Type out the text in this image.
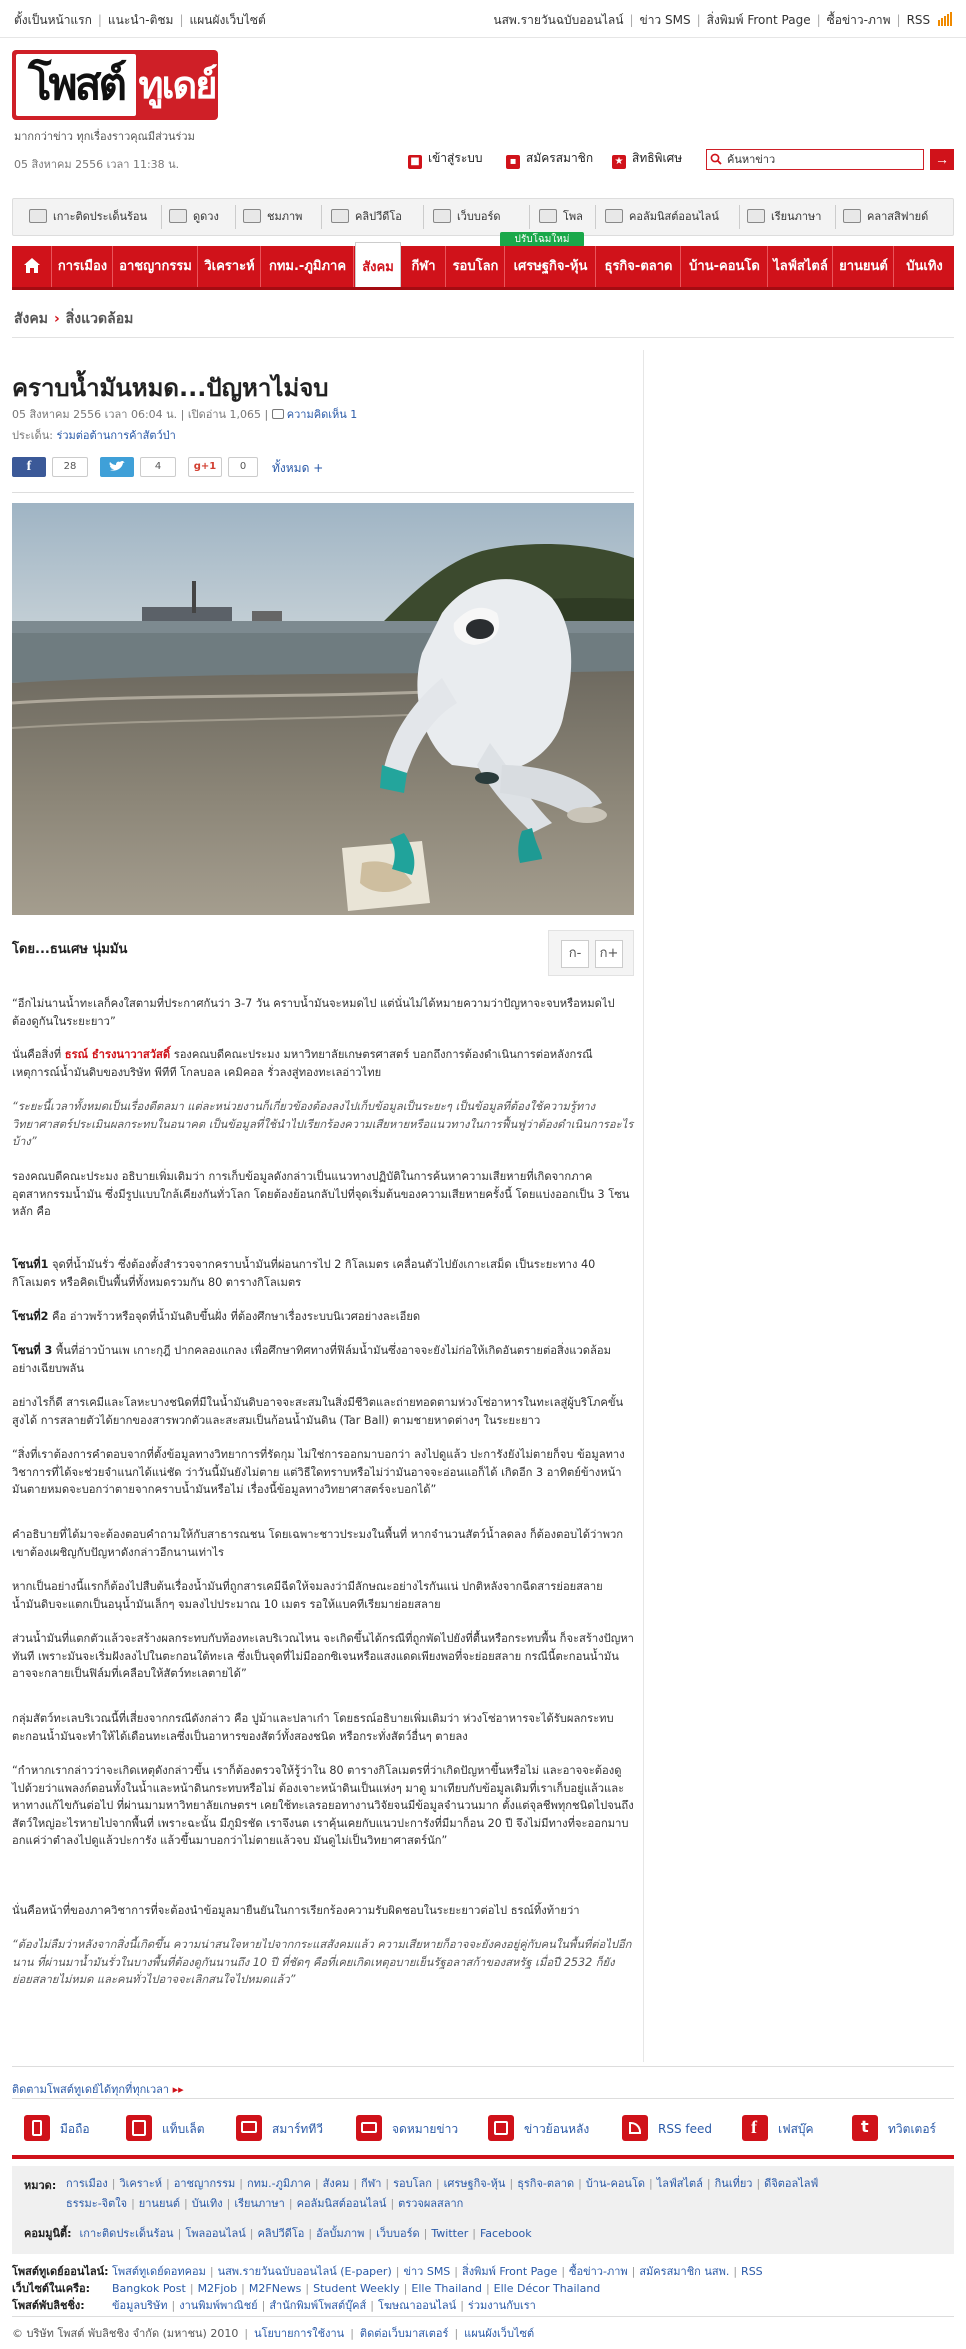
ตั้งเป็นหน้าแรก | แนะนำ-ติชม | แผนผังเว็บไซต์	นสพ.รายวันฉบับออนไลน์ | ข่าว SMS | สิ่งพิมพ์ Front Page | ซื้อข่าว-ภาพ | RSS
โพสต์ ทูเดย์
มากกว่าข่าว ทุกเรื่องราวคุณมีส่วนร่วม
05 สิงหาคม 2556 เวลา 11:38 น.	■ เข้าสู่ระบบ	▪ สมัครสมาชิก ★ สิทธิพิเศษ
ค้นหาข่าว	→
เกาะติดประเด็นร้อน	ดูดวง	ชมภาพ	คลิปวีดีโอ	เว็บบอร์ด	โพล	คอลัมนิสต์ออนไลน์	เรียนภาษา	คลาสสิฟายด์
ปรับโฉมใหม่
การเมือง อาชญากรรม วิเคราะห์	กทม.-ภูมิภาค	สังคม	กีฬา	รอบโลก	เศรษฐกิจ-หุ้น	ธุรกิจ-ตลาด	บ้าน-คอนโด	ไลฟ์สไตล์ ยานยนต์	บันเทิง
สังคม › สิ่งแวดล้อม
คราบน้ำมันหมด...ปัญหาไม่จบ
05 สิงหาคม 2556 เวลา 06:04 น. | เปิดอ่าน 1,065 | ความคิดเห็น 1
ประเด็น: ร่วมต่อต้านการค้าสัตว์ป่า
f	28	4	g+1	0	ทั้งหมด +
โดย...ธนเศษ นุ่มมัน	ก-	ก+

“อีกไม่นานน้ำทะเลก็คงใสตามที่ประกาศกันว่า 3-7 วัน คราบน้ำมันจะหมดไป แต่นั่นไม่ได้หมายความว่าปัญหาจะจบหรือหมดไป ต้องดูกันในระยะยาว”

นั่นคือสิ่งที่ ธรณ์ ธำรงนาวาสวัสดิ์ รองคณบดีคณะประมง มหาวิทยาลัยเกษตรศาสตร์ บอกถึงการต้องดำเนินการต่อหลังกรณีเหตุการณ์น้ำมันดิบของบริษัท พีทีที โกลบอล เคมิคอล รั่วลงสู่ทองทะเลอ่าวไทย

“ระยะนี้เวลาทั้งหมดเป็นเรื่องดีตลมา แต่ละหน่วยงานก็เกี่ยวข้องต้องลงไปเก็บข้อมูลเป็นระยะๆ เป็นข้อมูลที่ต้องใช้ความรู้ทางวิทยาศาสตร์ประเมินผลกระทบในอนาคต เป็นข้อมูลที่ใช้นำไปเรียกร้องความเสียหายหรือแนวทางในการฟื้นฟูว่าต้องดำเนินการอะไรบ้าง”

รองคณบดีคณะประมง อธิบายเพิ่มเติมว่า การเก็บข้อมูลดังกล่าวเป็นแนวทางปฏิบัติในการค้นหาความเสียหายที่เกิดจากภาคอุตสาหกรรมน้ำมัน ซึ่งมีรูปแบบใกล้เคียงกันทั่วโลก โดยต้องย้อนกลับไปที่จุดเริ่มต้นของความเสียหายครั้งนี้ โดยแบ่งออกเป็น 3 โซนหลัก คือ

โซนที่1 จุดที่น้ำมันรั่ว ซึ่งต้องตั้งสำรวจจากคราบน้ำมันที่ผ่อนการไป 2 กิโลเมตร เคลื่อนตัวไปยังเกาะเสม็ด เป็นระยะทาง 40 กิโลเมตร หรือคิดเป็นพื้นที่ทั้งหมดรวมกัน 80 ตารางกิโลเมตร

โซนที่2 คือ อ่าวพร้าวหรือจุดที่น้ำมันดิบขึ้นฝั่ง ที่ต้องศึกษาเรื่องระบบนิเวศอย่างละเอียด

โซนที่ 3 พื้นที่อ่าวบ้านเพ เกาะกุฎี ปากคลองแกลง เพื่อศึกษาทิศทางที่ฟิล์มน้ำมันซึ่งอาจจะยังไม่ก่อให้เกิดอันตรายต่อสิ่งแวดล้อมอย่างเฉียบพลัน

อย่างไรก็ดี สารเคมีและโลหะบางชนิดที่มีในน้ำมันดิบอาจจะสะสมในสิ่งมีชีวิตและถ่ายทอดตามห่วงโซ่อาหารในทะเลสู่ผู้บริโภคขั้นสูงได้ การสลายตัวได้ยากของสารพวกตัวและสะสมเป็นก้อนน้ำมันดิน (Tar Ball) ตามชายหาดต่างๆ ในระยะยาว

“สิ่งที่เราต้องการคำตอบจากที่ตั้งข้อมูลทางวิทยาการที่รัดกุม ไม่ใช่การออกมาบอกว่า ลงไปดูแล้ว ปะการังยังไม่ตายก็จบ ข้อมูลทางวิชาการที่ได้จะช่วยจำแนกได้แน่ชัด ว่าวันนี้มันยังไม่ตาย แต่วิธีใดทราบหรือไม่ว่ามันอาจจะอ่อนแอก็ได้ เกิดอีก 3 อาทิตย์ข้างหน้ามันตายหมดจะบอกว่าตายจากคราบน้ำมันหรือไม่ เรื่องนี้ข้อมูลทางวิทยาศาสตร์จะบอกได้”

คำอธิบายที่ได้มาจะต้องตอบคำถามให้กับสาธารณชน โดยเฉพาะชาวประมงในพื้นที่ หากจำนวนสัตว์น้ำลดลง ก็ต้องตอบได้ว่าพวกเขาต้องเผชิญกับปัญหาดังกล่าวอีกนานเท่าไร

หากเป็นอย่างนี้แรกก็ต้องไปสืบต้นเรื่องน้ำมันที่ถูกสารเคมีฉีดให้จมลงว่ามีลักษณะอย่างไรกันแน่ ปกติหลังจากฉีดสารย่อยสลาย น้ำมันดิบจะแตกเป็นอนุน้ำมันเล็กๆ จมลงไปประมาณ 10 เมตร รอให้แบคทีเรียมาย่อยสลาย

ส่วนน้ำมันที่แตกตัวแล้วจะสร้างผลกระทบกับท้องทะเลบริเวณไหน จะเกิดขึ้นได้กรณีที่ถูกพัดไปยังที่ตื้นหรือกระทบพื้น ก็จะสร้างปัญหาทันที เพราะมันจะเริ่มฝังลงไปในตะกอนใต้ทะเล ซึ่งเป็นจุดที่ไม่มีออกซิเจนหรือแสงแดดเพียงพอที่จะย่อยสลาย กรณีนี้ตะกอนน้ำมันอาจจะกลายเป็นฟิล์มที่เคลือบให้สัตว์ทะเลตายได้”

กลุ่มสัตว์ทะเลบริเวณนี้ที่เสี่ยงจากกรณีดังกล่าว คือ ปูม้าและปลาเก๋า โดยธรณ์อธิบายเพิ่มเติมว่า ห่วงโซ่อาหารจะได้รับผลกระทบ ตะกอนน้ำมันจะทำให้ได้เดือนทะเลซึ่งเป็นอาหารของสัตว์ทั้งสองชนิด หรือกระทั่งสัตว์อื่นๆ ตายลง

“กำหากเรากล่าวว่าจะเกิดเหตุดังกล่าวขึ้น เราก็ต้องตรวจให้รู้ว่าใน 80 ตารางกิโลเมตรที่ว่าเกิดปัญหาขึ้นหรือไม่ และอาจจะต้องดูไปด้วยว่าแพลงก์ตอนทั้งในน้ำและหน้าดินกระทบหรือไม่ ต้องเจาะหน้าดินเป็นแห่งๆ มาดู มาเทียบกับข้อมูลเดิมที่เราเก็บอยู่แล้วและหาทางแก้ไขกันต่อไป ที่ผ่านมามหาวิทยาลัยเกษตรฯ เคยใช้ทะเลรอยอทางานวิจัยจนมีข้อมูลจำนวนมาก ตั้งแต่จุลชีพทุกชนิดไปจนถึงสัตว์ใหญ่อะไรหายไปจากพื้นที่ เพราะฉะนั้น มีภูมิรชัด เราจึงนต เราคุ้นเคยกับแนวปะการังที่มีมาก็อน 20 ปี จึงไม่มีทางที่จะออกมาบอกแค่ว่าตำลงไปดูแล้วปะการัง แล้วขึ้นมาบอกว่าไม่ตายแล้วจบ มันดูไม่เป็นวิทยาศาสตร์นัก”

นั่นคือหน้าที่ของภาควิชาการที่จะต้องนำข้อมูลมายืนยันในการเรียกร้องความรับผิดชอบในระยะยาวต่อไป ธรณ์ทิ้งท้ายว่า

“ต้องไม่ลืมว่าหลังจากสิ่งนี้เกิดขึ้น ความน่าสนใจหายไปจากกระแสสังคมแล้ว ความเสียหายก็อาจจะยังคงอยู่คู่กับคนในพื้นที่ต่อไปอีกนาน ที่ผ่านมาน้ำมันรั่วในบางพื้นที่ต้องดูกันนานถึง 10 ปี ที่ชัดๆ คือที่เคยเกิดเหตุอบายเย็นรัฐอลาสก้าของสหรัฐ เมื่อปี 2532 ก็ยังย่อยสลายไม่หมด และคนทั่วไปอาจจะเลิกสนใจไปหมดแล้ว”

ติดตามโพสต์ทูเดย์ได้ทุกที่ทุกเวลา ▸▸
มือถือ	แท็บเล็ต	สมาร์ททีวี	จดหมายข่าว	ข่าวย้อนหลัง	RSS feed f เฟสบุ๊ค	t ทวิตเตอร์
หมวด: การเมือง | วิเคราะห์ | อาชญากรรม | กทม.-ภูมิภาค | สังคม | กีฬา | รอบโลก | เศรษฐกิจ-หุ้น | ธุรกิจ-ตลาด | บ้าน-คอนโด | ไลฟ์สไตล์ | กินเที่ยว | ดีจิตอลไลฟ์
ธรรมะ-จิตใจ | ยานยนต์ | บันเทิง | เรียนภาษา | คอลัมนิสต์ออนไลน์ | ตรวจผลสลาก
คอมมูนิตี้: เกาะติดประเด็นร้อน | โพลออนไลน์ | คลิปวีดีโอ | อัลบั้มภาพ | เว็บบอร์ด | Twitter | Facebook
โพสต์ทูเดย์ออนไลน์: โพสต์ทูเดย์ดอทคอม | นสพ.รายวันฉบับออนไลน์ (E-paper) | ข่าว SMS | สิ่งพิมพ์ Front Page | ซื้อข่าว-ภาพ | สมัครสมาชิก นสพ. | RSS
เว็บไซต์ในเครือ: Bangkok Post | M2Fjob | M2FNews | Student Weekly | Elle Thailand | Elle Décor Thailand
โพสต์พับลิชชิ่ง: ข้อมูลบริษัท | งานพิมพ์พาณิชย์ | สำนักพิมพ์โพสต์บุ๊คส์ | โฆษณาออนไลน์ | ร่วมงานกับเรา
© บริษัท โพสต์ พับลิชชิง จำกัด (มหาชน) 2010 | นโยบายการใช้งาน | ติดต่อเว็บมาสเตอร์ | แผนผังเว็บไซต์
